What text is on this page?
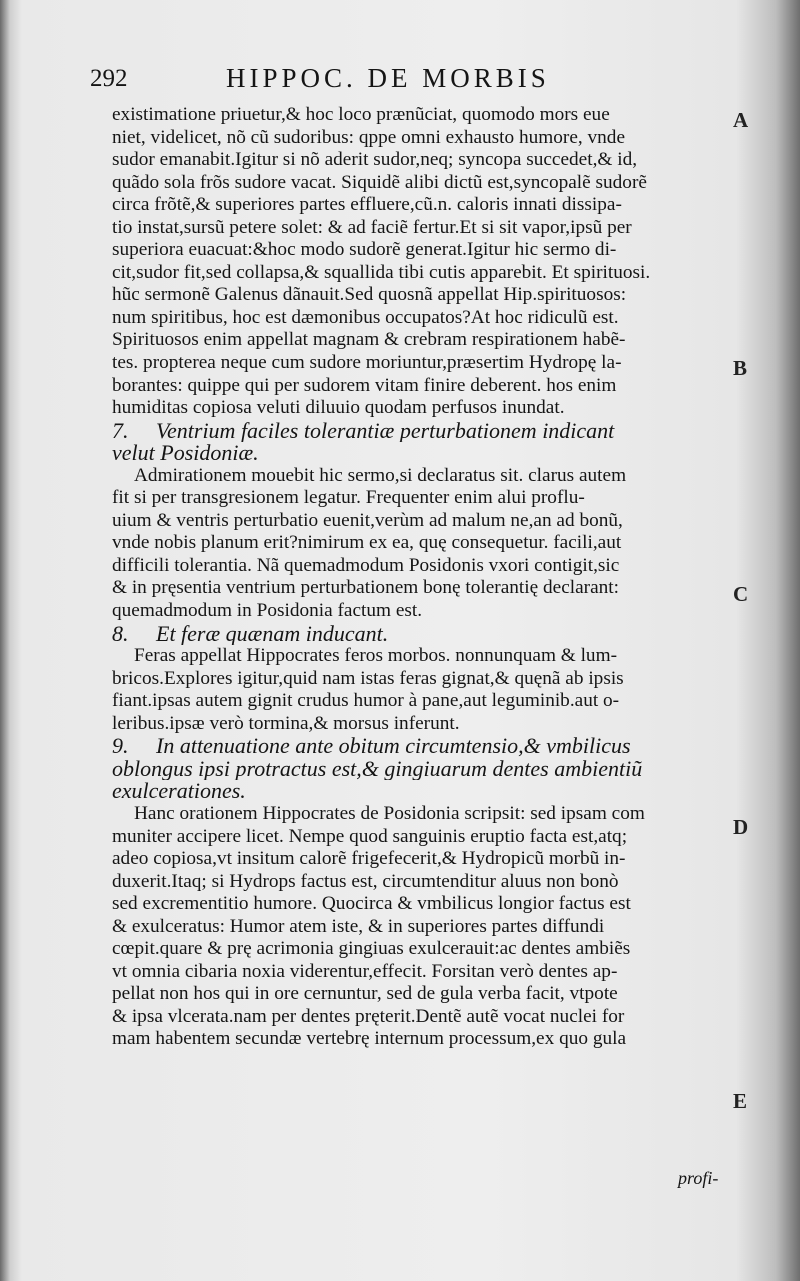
292	HIPPOC. DE MORBIS
A
B
C
D
E
existimatione priuetur,& hoc loco prænũciat, quomodo mors eue
niet, videlicet, nõ cũ sudoribus: qppe omni exhausto humore, vnde
sudor emanabit.Igitur si nõ aderit sudor,neq; syncopa succedet,& id,
quãdo sola frõs sudore vacat. Siquidẽ alibi dictũ est,syncopalẽ sudorẽ
circa frõtẽ,& superiores partes effluere,cũ.n. caloris innati dissipa-
tio instat,sursũ petere solet: & ad faciẽ fertur.Et si sit vapor,ipsũ per
superiora euacuat:&hoc modo sudorẽ generat.Igitur hic sermo di-
cit,sudor fit,sed collapsa,& squallida tibi cutis apparebit. Et spirituosi.
hũc sermonẽ Galenus dãnauit.Sed quosnã appellat Hip.spirituosos:
num spiritibus, hoc est dæmonibus occupatos?At hoc ridiculũ est.
Spirituosos enim appellat magnam & crebram respirationem habẽ-
tes. propterea neque cum sudore moriuntur,præsertim Hydropę la-
borantes: quippe qui per sudorem vitam finire deberent. hos enim
humiditas copiosa veluti diluuio quodam perfusos inundat.
7. Ventrium faciles tolerantiæ perturbationem indicant
velut Posidoniæ.
Admirationem mouebit hic sermo,si declaratus sit. clarus autem
fit si per transgresionem legatur. Frequenter enim alui proflu-
uium & ventris perturbatio euenit,verùm ad malum ne,an ad bonũ,
vnde nobis planum erit?nimirum ex ea, quę consequetur. facili,aut
difficili tolerantia. Nã quemadmodum Posidonis vxori contigit,sic
& in pręsentia ventrium perturbationem bonę tolerantię declarant:
quemadmodum in Posidonia factum est.
8. Et feræ quænam inducant.
Feras appellat Hippocrates feros morbos. nonnunquam & lum-
bricos.Explores igitur,quid nam istas feras gignat,& quęnã ab ipsis
fiant.ipsas autem gignit crudus humor à pane,aut leguminib.aut o-
leribus.ipsæ verò tormina,& morsus inferunt.
9. In attenuatione ante obitum circumtensio,& vmbilicus
oblongus ipsi protractus est,& gingiuarum dentes ambientiũ
exulcerationes.
Hanc orationem Hippocrates de Posidonia scripsit: sed ipsam com
muniter accipere licet. Nempe quod sanguinis eruptio facta est,atq;
adeo copiosa,vt insitum calorẽ frigefecerit,& Hydropicũ morbũ in-
duxerit.Itaq; si Hydrops factus est, circumtenditur aluus non bonò
sed excrementitio humore. Quocirca & vmbilicus longior factus est
& exulceratus: Humor atem iste, & in superiores partes diffundi
cœpit.quare & prę acrimonia gingiuas exulcerauit:ac dentes ambiẽs
vt omnia cibaria noxia viderentur,effecit. Forsitan verò dentes ap-
pellat non hos qui in ore cernuntur, sed de gula verba facit, vtpote
& ipsa vlcerata.nam per dentes pręterit.Dentẽ autẽ vocat nuclei for
mam habentem secundæ vertebrę internum processum,ex quo gula
profi-
